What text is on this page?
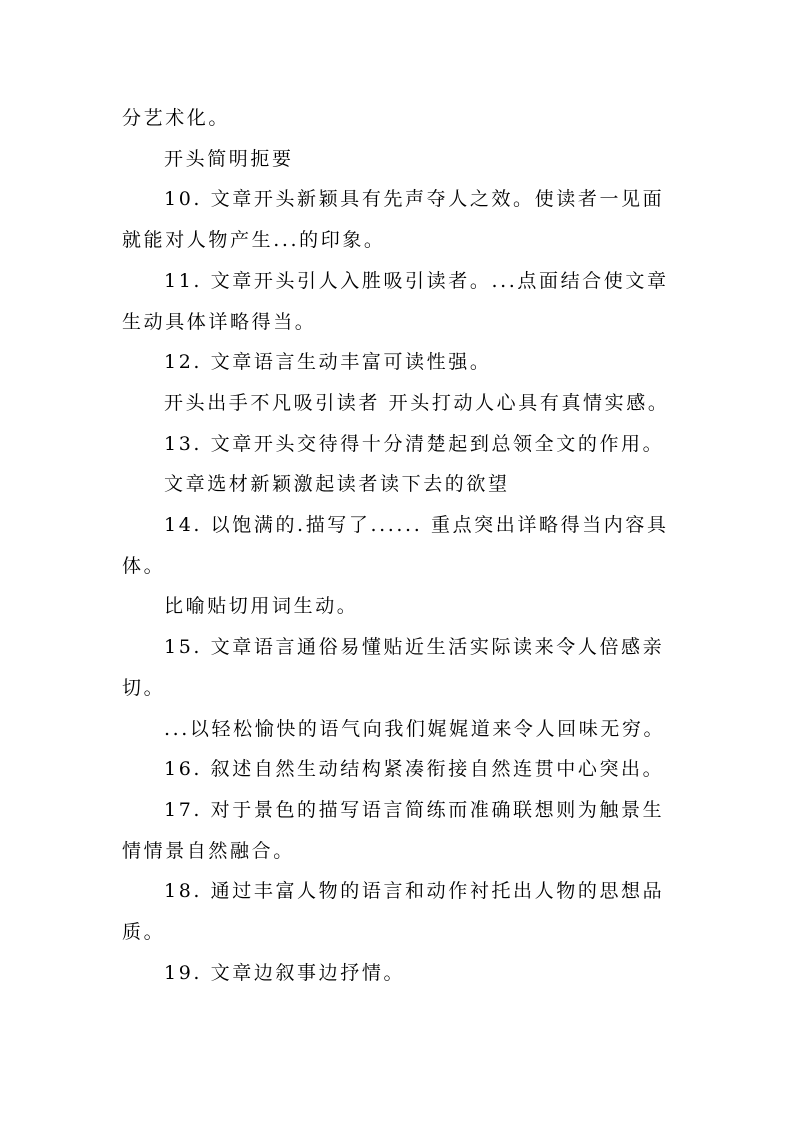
分艺术化。

开头简明扼要

10. 文章开头新颖具有先声夺人之效。使读者一见面就能对人物产生...的印象。

11. 文章开头引人入胜吸引读者。...点面结合使文章生动具体详略得当。

12. 文章语言生动丰富可读性强。

开头出手不凡吸引读者 开头打动人心具有真情实感。

13. 文章开头交待得十分清楚起到总领全文的作用。

文章选材新颖激起读者读下去的欲望

14. 以饱满的.描写了...... 重点突出详略得当内容具体。

比喻贴切用词生动。

15. 文章语言通俗易懂贴近生活实际读来令人倍感亲切。

...以轻松愉快的语气向我们娓娓道来令人回味无穷。

16. 叙述自然生动结构紧凑衔接自然连贯中心突出。

17. 对于景色的描写语言简练而准确联想则为触景生情情景自然融合。

18. 通过丰富人物的语言和动作衬托出人物的思想品质。

19. 文章边叙事边抒情。
